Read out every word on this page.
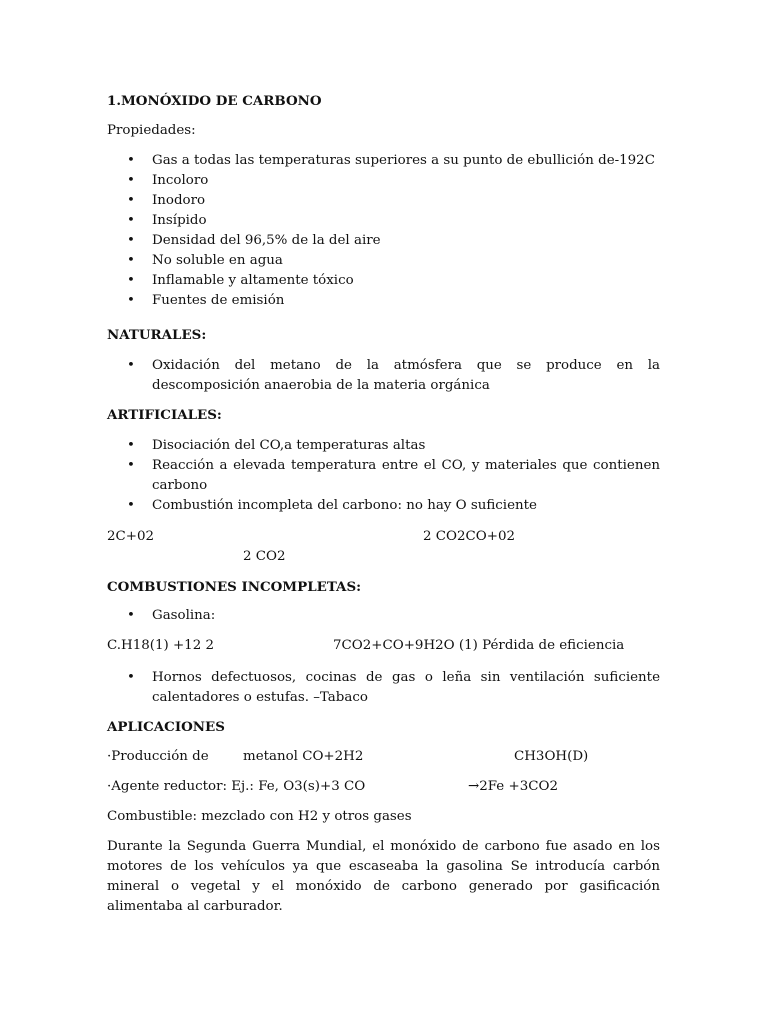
1.MONÓXIDO DE CARBONO
Propiedades:
• Gas a todas las temperaturas superiores a su punto de ebullición de-192C
• Incoloro
• Inodoro
• Insípido
• Densidad del 96,5% de la del aire
• No soluble en agua
• Inflamable y altamente tóxico
• Fuentes de emisión
NATURALES:
• Oxidación del metano de la atmósfera que se produce en la descomposición anaerobia de la materia orgánica
ARTIFICIALES:
• Disociación del CO,a temperaturas altas
• Reacción a elevada temperatura entre el CO, y materiales que contienen carbono
• Combustión incompleta del carbono: no hay O suficiente
2C+02	2 CO2CO+02
2 CO2
COMBUSTIONES INCOMPLETAS:
• Gasolina:
C.H18(1) +12 2	7CO2+CO+9H2O (1) Pérdida de eficiencia
• Hornos defectuosos, cocinas de gas o leña sin ventilación suficiente calentadores o estufas. –Tabaco
APLICACIONES
·Producción de	metanol CO+2H2	CH3OH(D)
·Agente reductor: Ej.: Fe, O3(s)+3 CO	→2Fe +3CO2
Combustible: mezclado con H2 y otros gases
Durante la Segunda Guerra Mundial, el monóxido de carbono fue asado en los motores de los vehículos ya que escaseaba la gasolina Se introducía carbón mineral o vegetal y el monóxido de carbono generado por gasificación alimentaba al carburador.
